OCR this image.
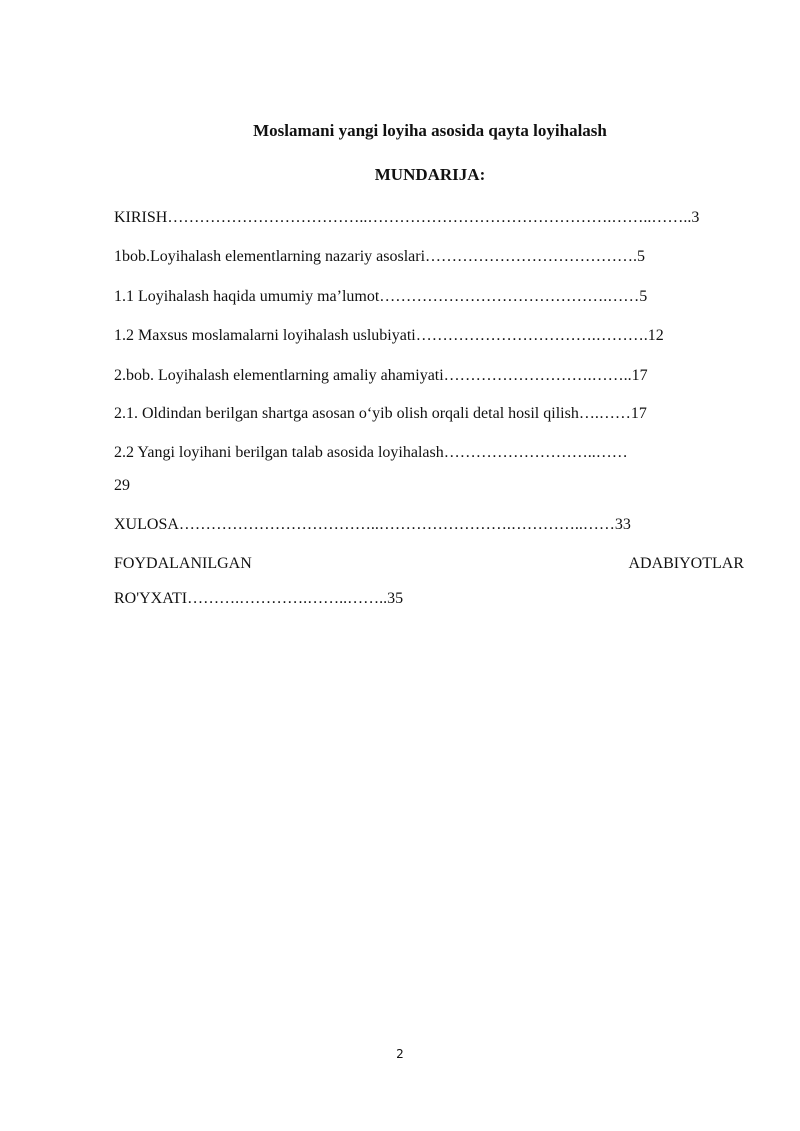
Moslamani yangi loyiha asosida qayta loyihalash
MUNDARIJA:
KIRISH………………………………..……………………………………….……..……..3
1bob.Loyihalash elementlarning nazariy asoslari………………………………….5
1.1 Loyihalash haqida umumiy ma’lumot…………………………………….……5
1.2 Maxsus moslamalarni loyihalash uslubiyati…………………………….……….12
2.bob. Loyihalash elementlarning amaliy ahamiyati……………………….……..17
2.1. Oldindan berilgan shartga asosan o‘yib olish orqali detal hosil qilish….……17
2.2 Yangi loyihani berilgan talab asosida loyihalash………………………..……
29
XULOSA………………………………..…………………….…………..……33
FOYDALANILGAN	ADABIYOTLAR
RO'YXATI……….………….……..……..35
2
